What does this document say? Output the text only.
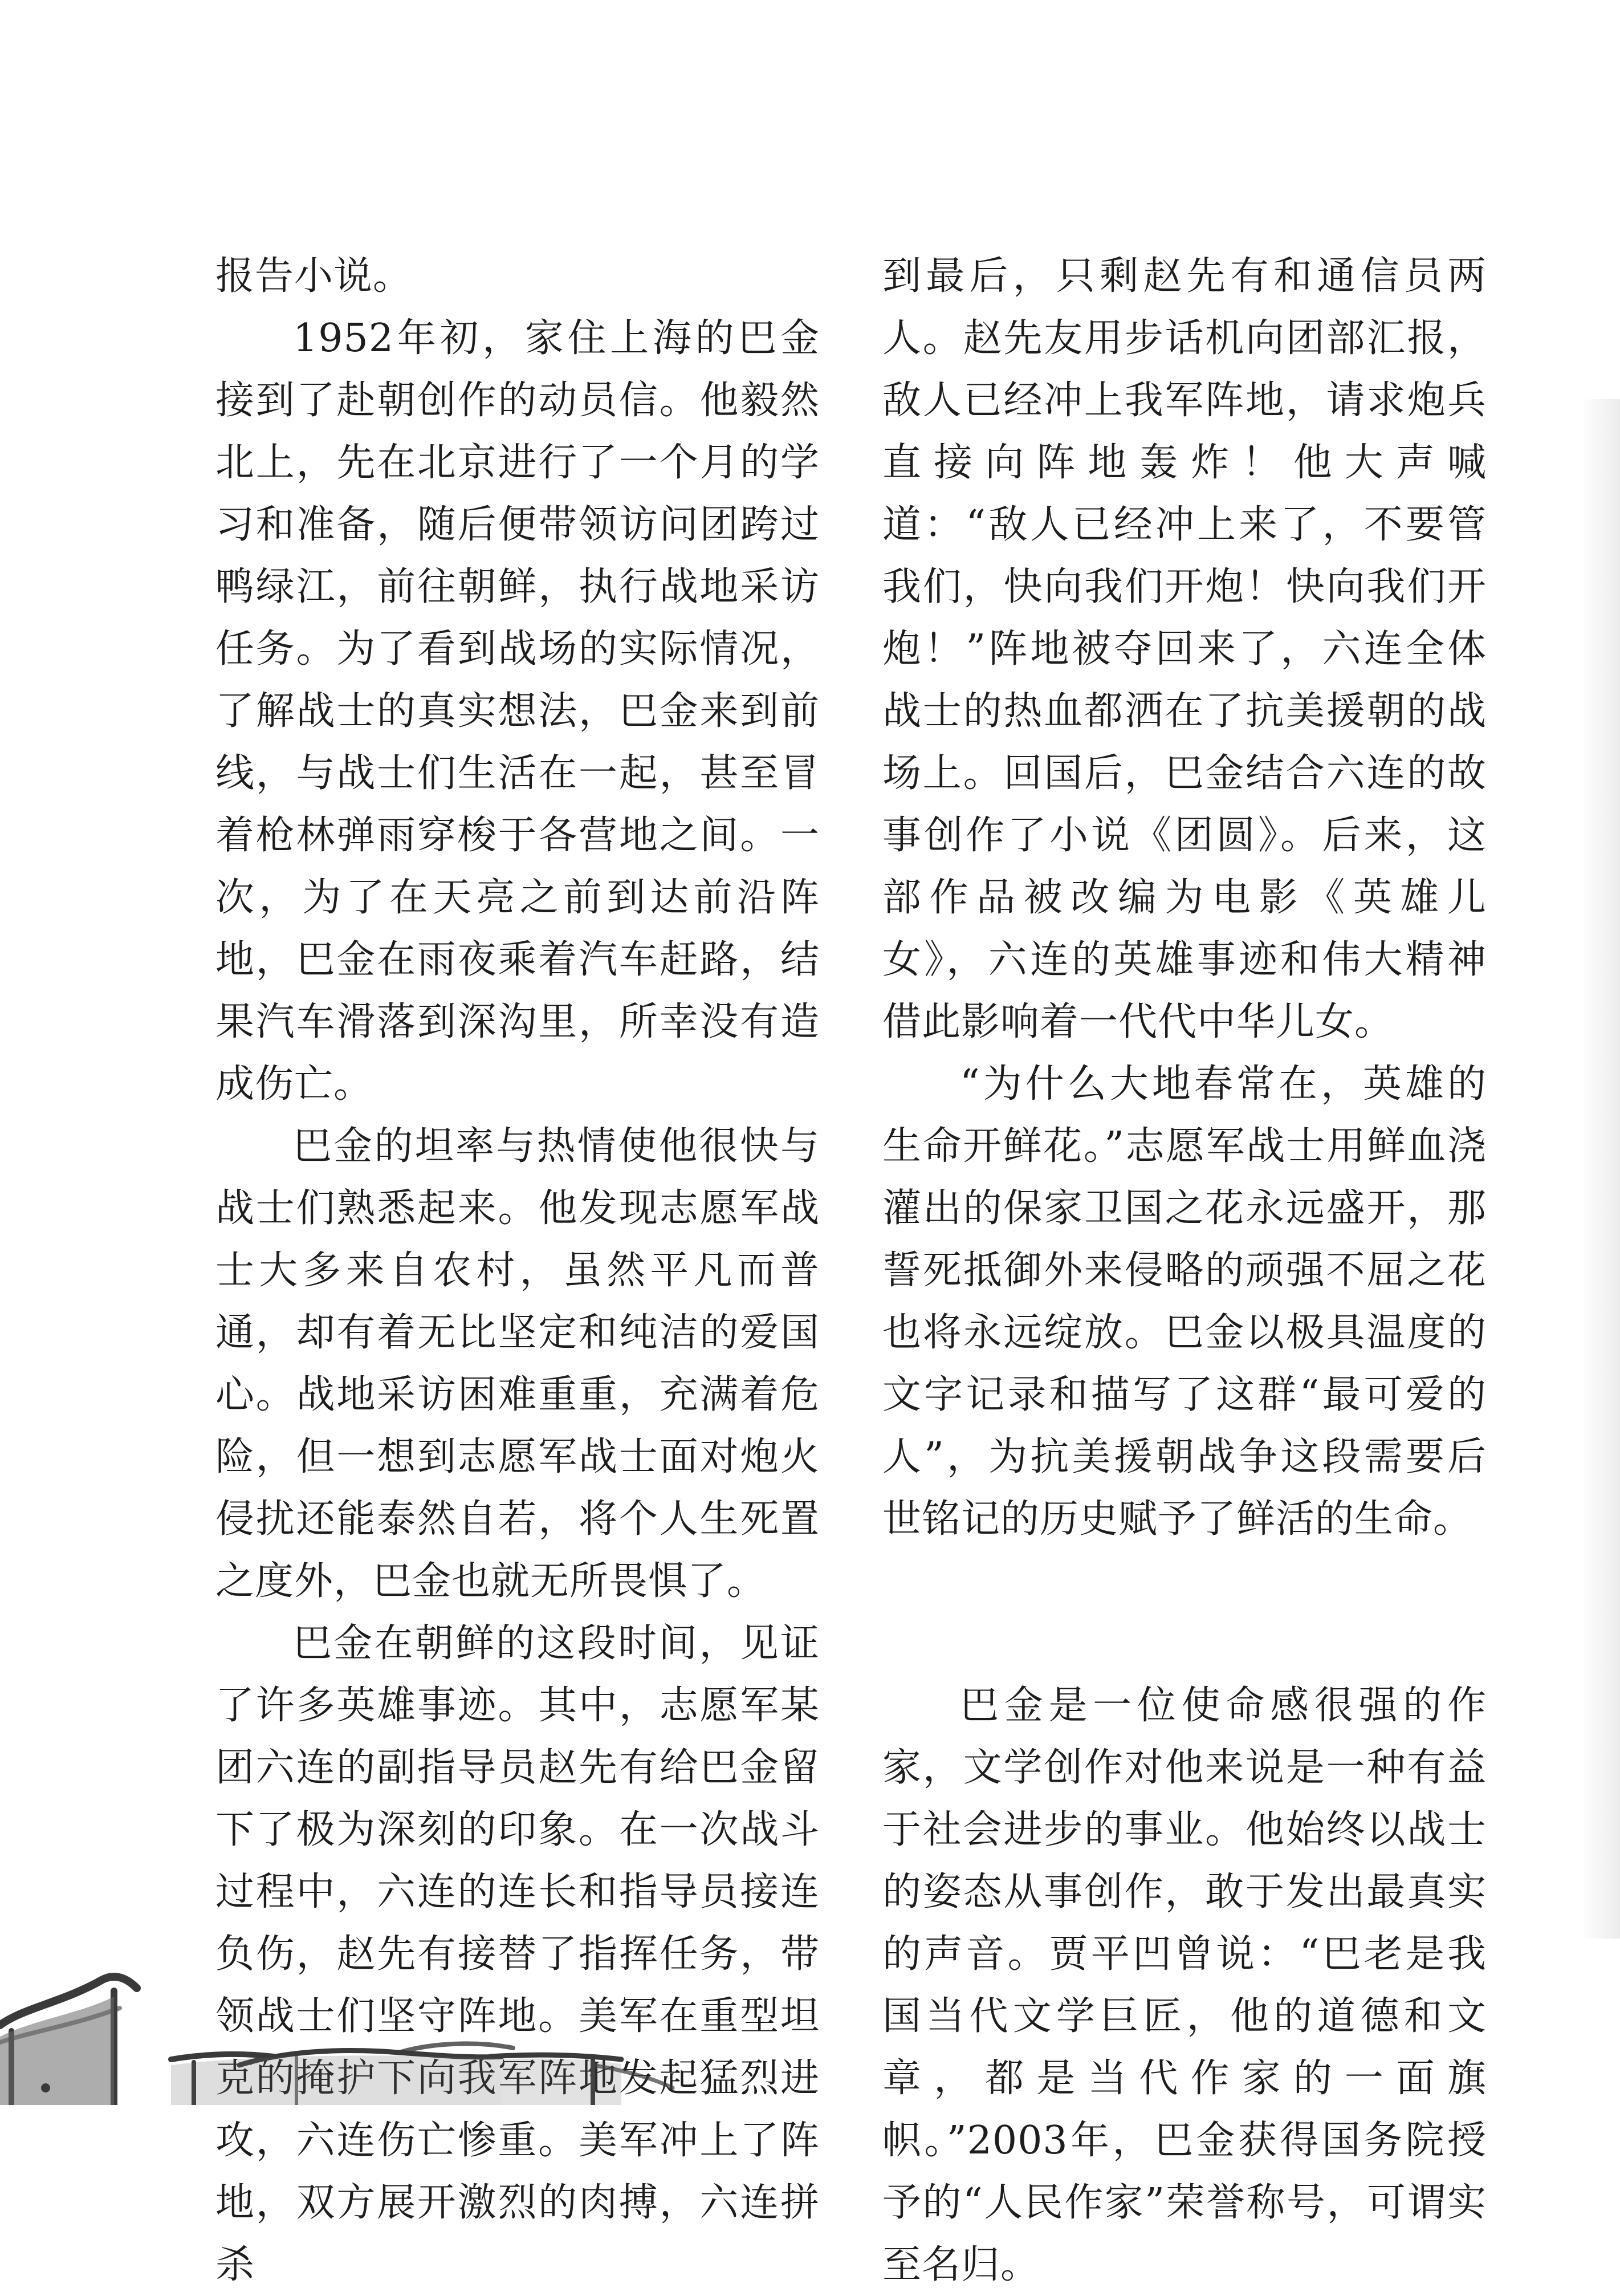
报告小说。

1952年初，家住上海的巴金接到了赴朝创作的动员信。他毅然北上，先在北京进行了一个月的学习和准备，随后便带领访问团跨过鸭绿江，前往朝鲜，执行战地采访任务。为了看到战场的实际情况，了解战士的真实想法，巴金来到前线，与战士们生活在一起，甚至冒着枪林弹雨穿梭于各营地之间。一次，为了在天亮之前到达前沿阵地，巴金在雨夜乘着汽车赶路，结果汽车滑落到深沟里，所幸没有造成伤亡。

巴金的坦率与热情使他很快与战士们熟悉起来。他发现志愿军战士大多来自农村，虽然平凡而普通，却有着无比坚定和纯洁的爱国心。战地采访困难重重，充满着危险，但一想到志愿军战士面对炮火侵扰还能泰然自若，将个人生死置之度外，巴金也就无所畏惧了。

巴金在朝鲜的这段时间，见证了许多英雄事迹。其中，志愿军某团六连的副指导员赵先有给巴金留下了极为深刻的印象。在一次战斗过程中，六连的连长和指导员接连负伤，赵先有接替了指挥任务，带领战士们坚守阵地。美军在重型坦克的掩护下向我军阵地发起猛烈进攻，六连伤亡惨重。美军冲上了阵地，双方展开激烈的肉搏，六连拼杀

到最后，只剩赵先有和通信员两人。赵先友用步话机向团部汇报，敌人已经冲上我军阵地，请求炮兵直接向阵地轰炸！他大声喊道：“敌人已经冲上来了，不要管我们，快向我们开炮！快向我们开炮！”阵地被夺回来了，六连全体战士的热血都洒在了抗美援朝的战场上。回国后，巴金结合六连的故事创作了小说《团圆》。后来，这部作品被改编为电影《英雄儿女》，六连的英雄事迹和伟大精神借此影响着一代代中华儿女。

“为什么大地春常在，英雄的生命开鲜花。”志愿军战士用鲜血浇灌出的保家卫国之花永远盛开，那誓死抵御外来侵略的顽强不屈之花也将永远绽放。巴金以极具温度的文字记录和描写了这群“最可爱的人”，为抗美援朝战争这段需要后世铭记的历史赋予了鲜活的生命。

巴金是一位使命感很强的作家，文学创作对他来说是一种有益于社会进步的事业。他始终以战士的姿态从事创作，敢于发出最真实的声音。贾平凹曾说：“巴老是我国当代文学巨匠，他的道德和文章，都是当代作家的一面旗帜。”2003年，巴金获得国务院授予的“人民作家”荣誉称号，可谓实至名归。
